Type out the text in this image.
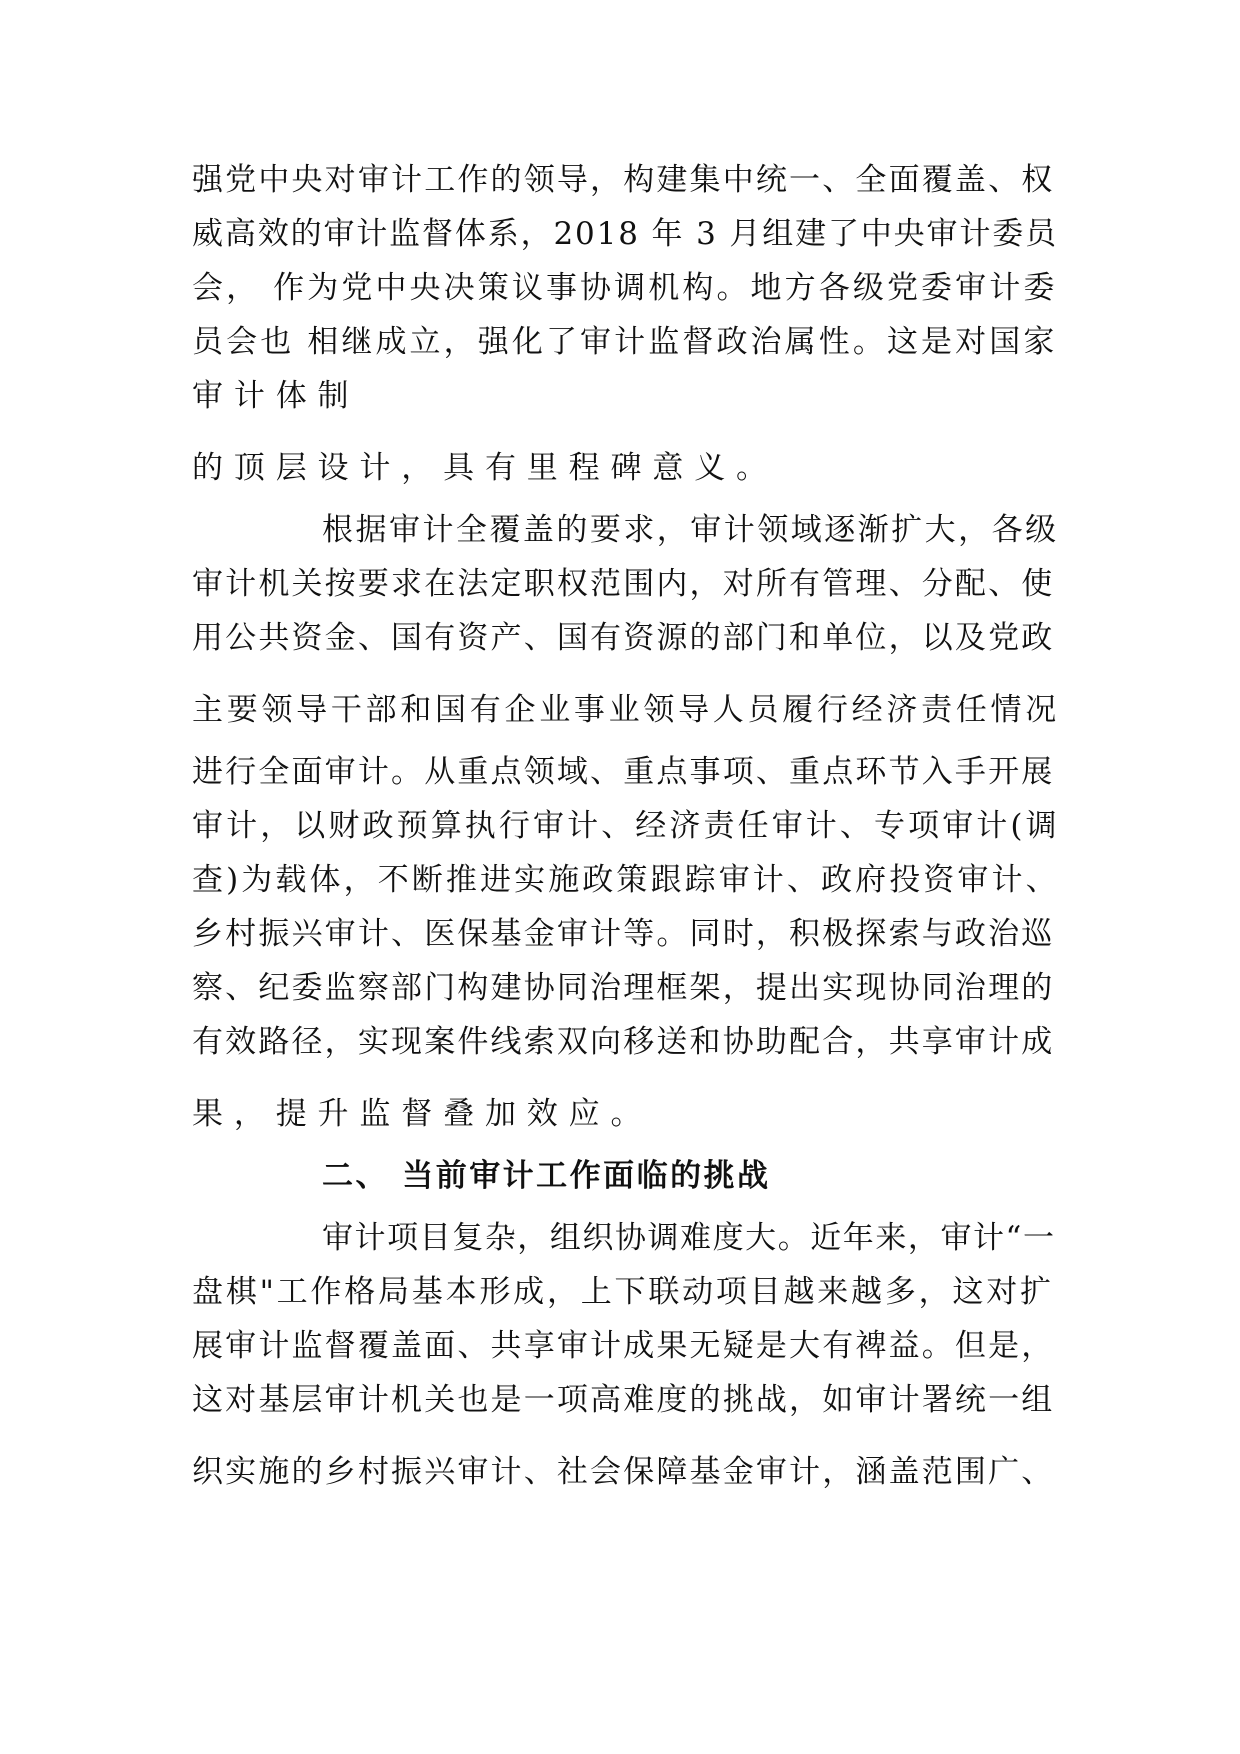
强党中央对审计工作的领导，构建集中统一、全面覆盖、权
威高效的审计监督体系，2018 年 3 月组建了中央审计委员
会， 作为党中央决策议事协调机构。地方各级党委审计委
员会也 相继成立，强化了审计监督政治属性。这是对国家
审计体制
的顶层设计，具有里程碑意义。
根据审计全覆盖的要求，审计领域逐渐扩大，各级
审计机关按要求在法定职权范围内，对所有管理、分配、使
用公共资金、国有资产、国有资源的部门和单位，以及党政
主要领导干部和国有企业事业领导人员履行经济责任情况
进行全面审计。从重点领域、重点事项、重点环节入手开展
审计，以财政预算执行审计、经济责任审计、专项审计(调
查)为载体，不断推进实施政策跟踪审计、政府投资审计、
乡村振兴审计、医保基金审计等。同时，积极探索与政治巡
察、纪委监察部门构建协同治理框架，提出实现协同治理的
有效路径，实现案件线索双向移送和协助配合，共享审计成
果，提升监督叠加效应。
二、 当前审计工作面临的挑战
审计项目复杂，组织协调难度大。近年来，审计“一
盘棋"工作格局基本形成，上下联动项目越来越多，这对扩
展审计监督覆盖面、共享审计成果无疑是大有裨益。但是，
这对基层审计机关也是一项高难度的挑战，如审计署统一组
织实施的乡村振兴审计、社会保障基金审计，涵盖范围广、
